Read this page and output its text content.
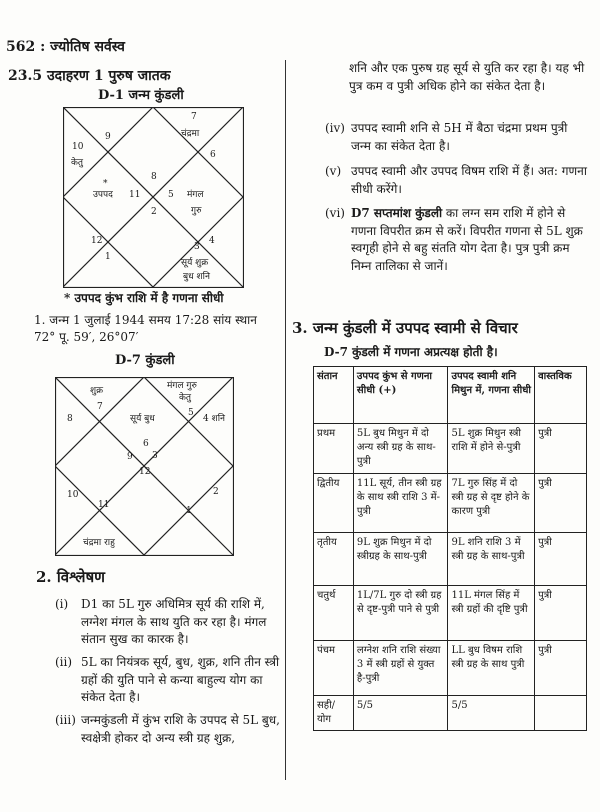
562 : ज्योतिष सर्वस्व
23.5 उदाहरण 1 पुरुष जातक
D-1 जन्म कुंडली
9
7
चंद्रमा
10
केतु
6
8
*
उपपद 11	5 मंगल
गुरु
2
12
1
4
3
सूर्य शुक्र
बुध शनि
* उपपद कुंभ राशि में है गणना सीधी
1. जन्म 1 जुलाई 1944 समय 17:28 सांय स्थान
72° पू. 59′, 26°07′
D-7 कुंडली
शुक्र
7
8
मंगल गुरु
केतु
5
4 शनि
सूर्य बुध
6
9 3
12
10	2
11
1
चंद्रमा राहु
2. विश्लेषण
(i) D1 का 5L गुरु अधिमित्र सूर्य की राशि में, लग्नेश मंगल के साथ युति कर रहा है। मंगल संतान सुख का कारक है।
(ii) 5L का नियंत्रक सूर्य, बुध, शुक्र, शनि तीन स्त्री ग्रहों की युति पाने से कन्या बाहुल्य योग का संकेत देता है।
(iii) जन्मकुंडली में कुंभ राशि के उपपद से 5L बुध, स्वक्षेत्री होकर दो अन्य स्त्री ग्रह शुक्र,
शनि और एक पुरुष ग्रह सूर्य से युति कर रहा है। यह भी पुत्र कम व पुत्री अधिक होने का संकेत देता है।
(iv) उपपद स्वामी शनि से 5H में बैठा चंद्रमा प्रथम पुत्री जन्म का संकेत देता है।
(v) उपपद स्वामी और उपपद विषम राशि में हैं। अत: गणना सीधी करेंगे।
(vi) D7 सप्तमांश कुंडली का लग्न सम राशि में होने से गणना विपरीत क्रम से करें। विपरीत गणना से 5L शुक्र स्वगृही होने से बहु संतति योग देता है। पुत्र पुत्री क्रम निम्न तालिका से जानें।
3. जन्म कुंडली में उपपद स्वामी से विचार
D-7 कुंडली में गणना अप्रत्यक्ष होती है।
संतान	उपपद कुंभ से गणना सीधी (+)	उपपद स्वामी शनि मिथुन में, गणना सीधी	वास्तविक
प्रथम	5L बुध मिथुन में दो अन्य स्त्री ग्रह के साथ-पुत्री	5L शुक्र मिथुन स्त्री राशि में होने से-पुत्री	पुत्री
द्वितीय	11L सूर्य, तीन स्त्री ग्रह के साथ स्त्री राशि 3 में-पुत्री	7L गुरु सिंह में दो स्त्री ग्रह से दृष्ट होने के कारण पुत्री	पुत्री
तृतीय	9L शुक्र मिथुन में दो स्त्रीग्रह के साथ-पुत्री	9L शनि राशि 3 में स्त्री ग्रह के साथ-पुत्री	पुत्री
चतुर्थ	1L/7L गुरु दो स्त्री ग्रह से दृष्ट-पुत्री पाने से पुत्री	11L मंगल सिंह में स्त्री ग्रहों की दृष्टि पुत्री	पुत्री
पंचम	लग्नेश शनि राशि संख्या 3 में स्त्री ग्रहों से युक्त है-पुत्री	LL बुध विषम राशि स्त्री ग्रह के साथ पुत्री	पुत्री
सही/ योग	5/5	5/5	
